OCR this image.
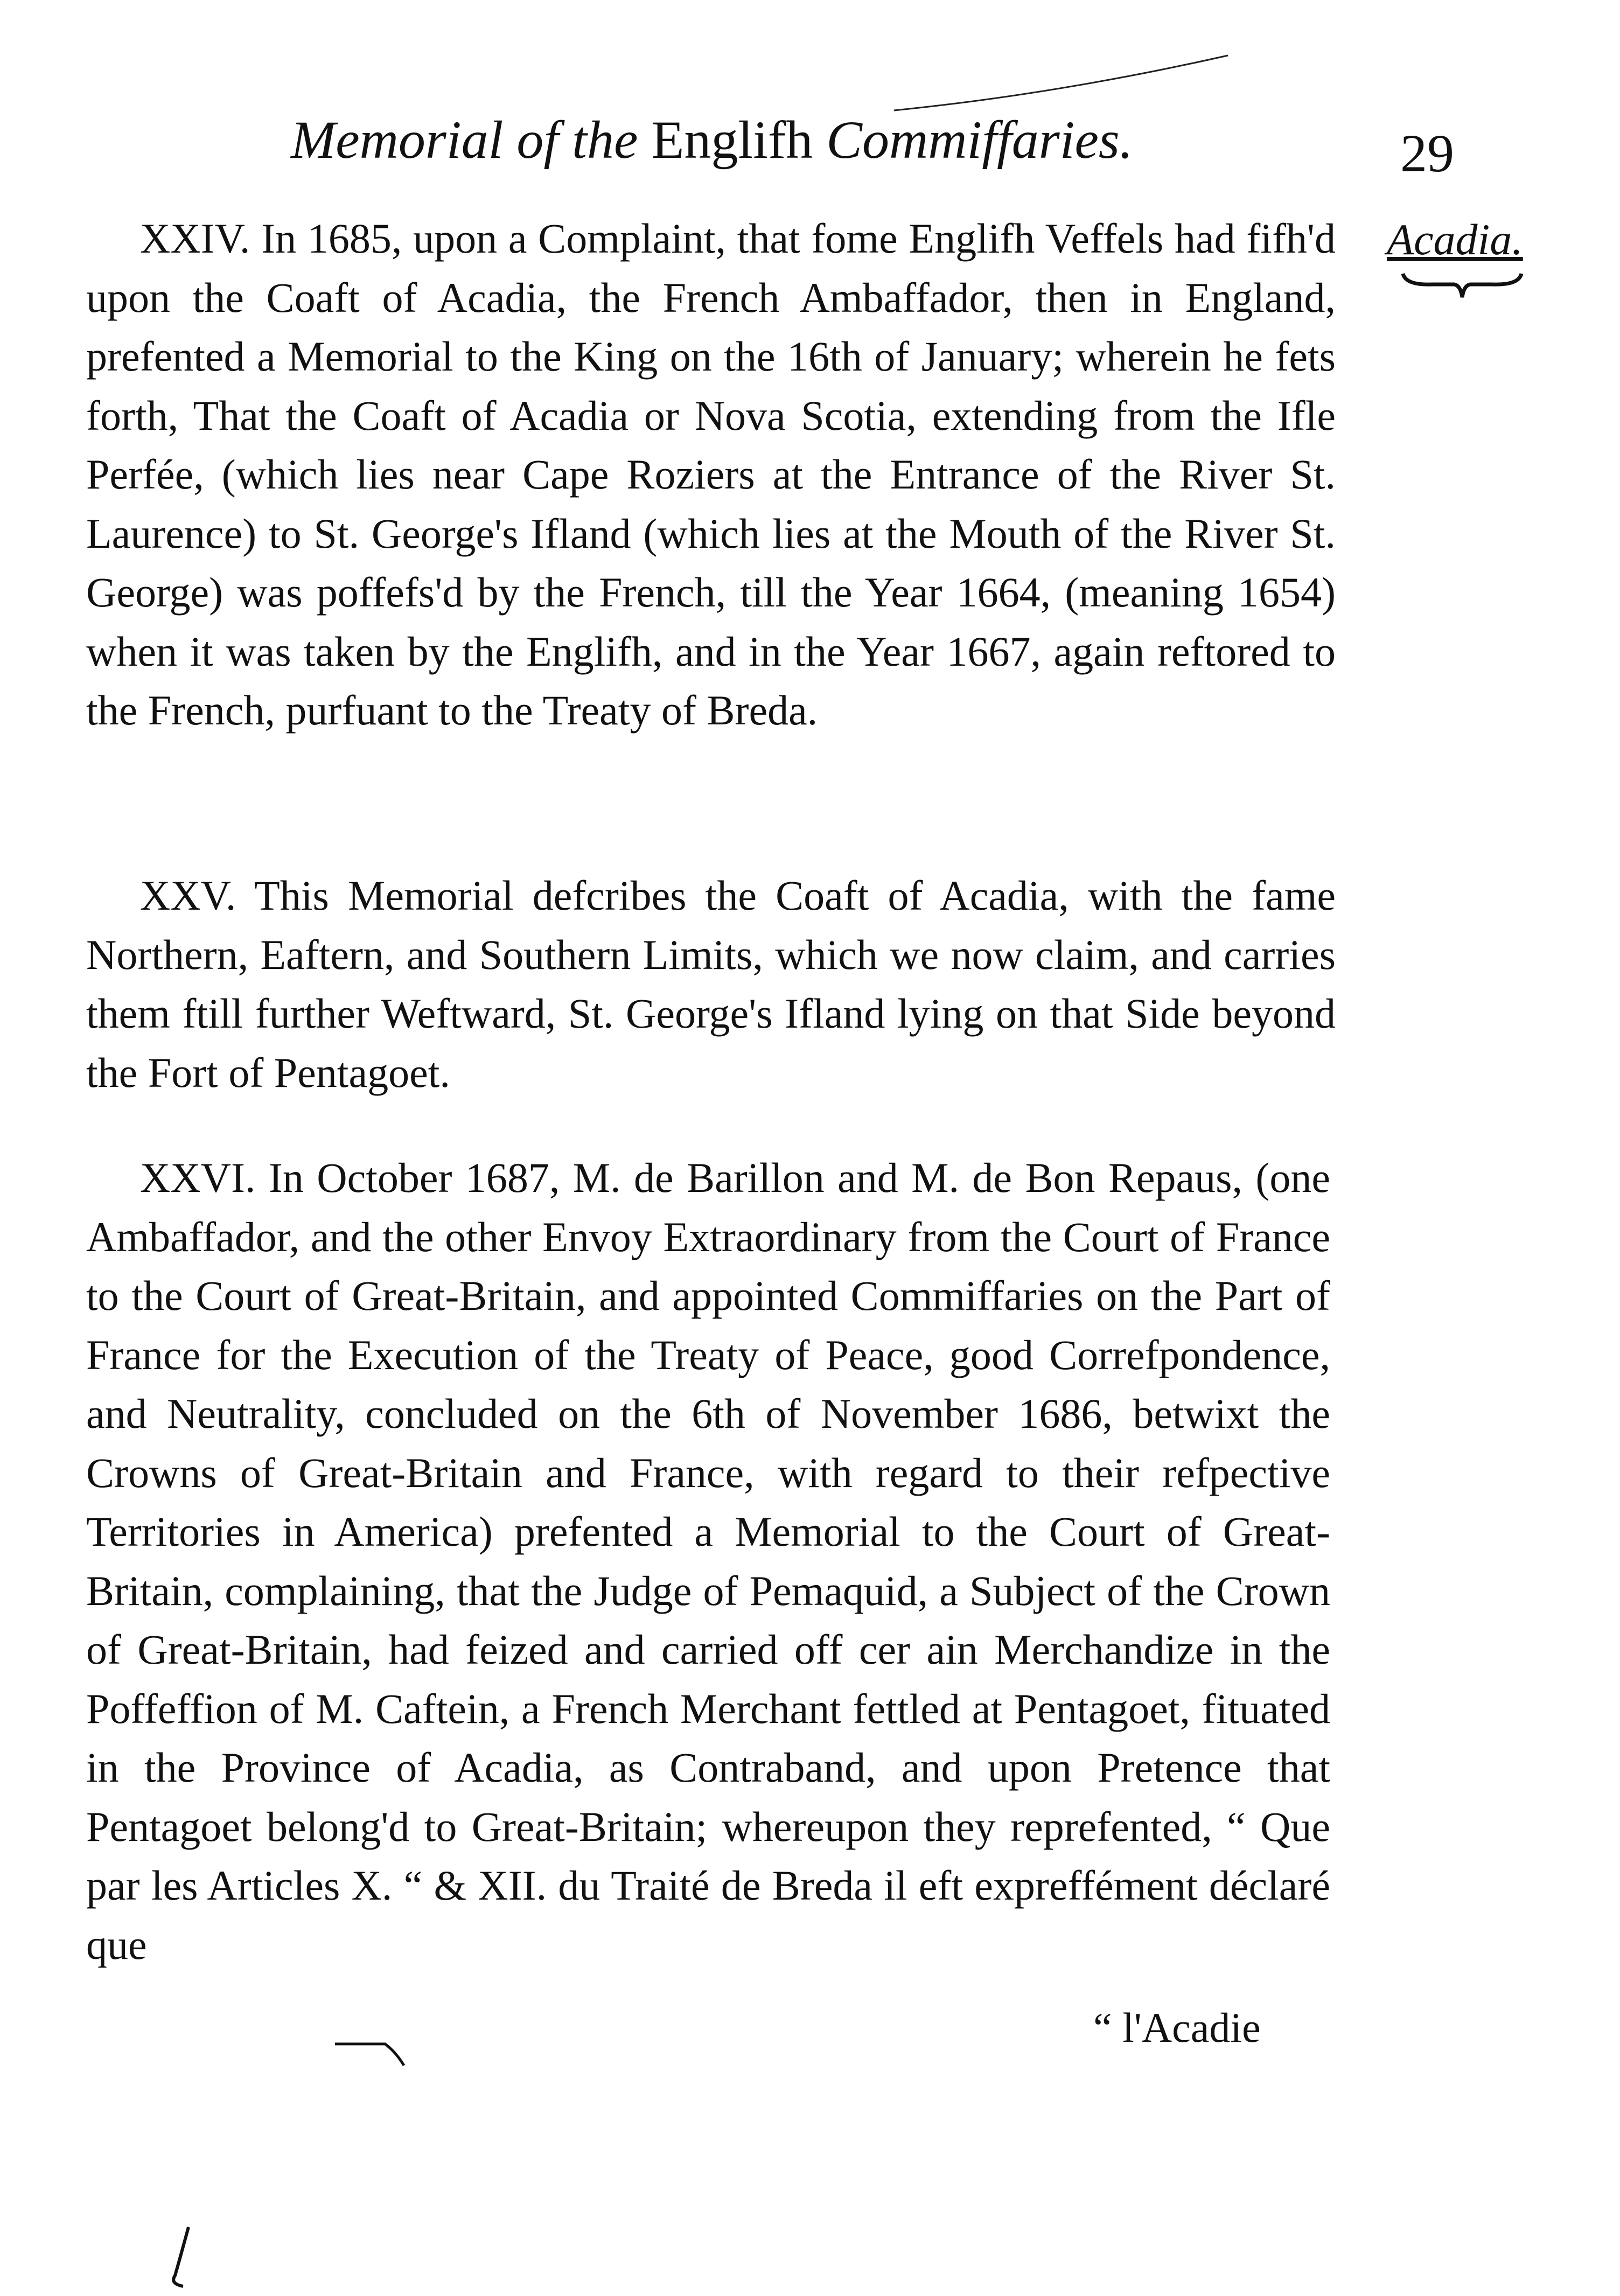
Memorial of the Englifh Commiffaries.	29
Acadia.

XXIV. In 1685, upon a Complaint, that fome Englifh Veffels had fifh'd upon the Coaft of Acadia, the French Ambaffador, then in England, prefented a Memorial to the King on the 16th of January; wherein he fets forth, That the Coaft of Acadia or Nova Scotia, extending from the Ifle Perfée, (which lies near Cape Roziers at the Entrance of the River St. Laurence) to St. George's Ifland (which lies at the Mouth of the River St. George) was poffefs'd by the French, till the Year 1664, (meaning 1654) when it was taken by the Englifh, and in the Year 1667, again reftored to the French, purfuant to the Treaty of Breda.

XXV. This Memorial defcribes the Coaft of Acadia, with the fame Northern, Eaftern, and Southern Limits, which we now claim, and carries them ftill further Weftward, St. George's Ifland lying on that Side beyond the Fort of Pentagoet.

XXVI. In October 1687, M. de Barillon and M. de Bon Repaus, (one Ambaffador, and the other Envoy Extraordinary from the Court of France to the Court of Great-Britain, and appointed Commiffaries on the Part of France for the Execution of the Treaty of Peace, good Correfpondence, and Neutrality, concluded on the 6th of November 1686, betwixt the Crowns of Great-Britain and France, with regard to their refpective Territories in America) prefented a Memorial to the Court of Great-Britain, complaining, that the Judge of Pemaquid, a Subject of the Crown of Great-Britain, had feized and carried off cer ain Merchandize in the Poffeffion of M. Caftein, a French Merchant fettled at Pentagoet, fituated in the Province of Acadia, as Contraband, and upon Pretence that Pentagoet belong'd to Great-Britain; whereupon they reprefented, “ Que par les Articles X. “ & XII. du Traité de Breda il eft expreffément déclaré que

“ l'Acadie
